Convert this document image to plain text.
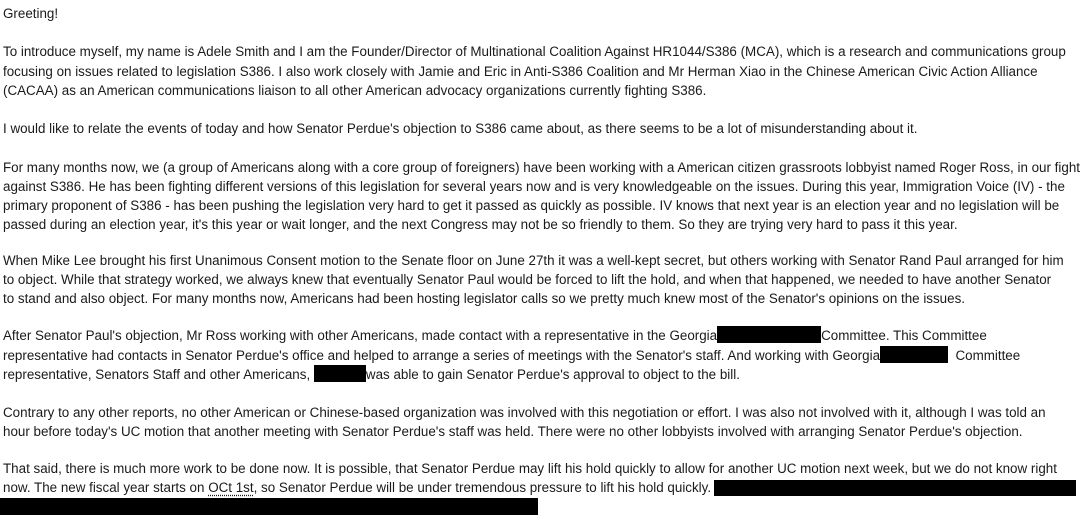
Greeting!

To introduce myself, my name is Adele Smith and I am the Founder/Director of Multinational Coalition Against HR1044/S386 (MCA), which is a research and communications group

focusing on issues related to legislation S386. I also work closely with Jamie and Eric in Anti-S386 Coalition and Mr Herman Xiao in the Chinese American Civic Action Alliance

(CACAA) as an American communications liaison to all other American advocacy organizations currently fighting S386.

I would like to relate the events of today and how Senator Perdue's objection to S386 came about, as there seems to be a lot of misunderstanding about it.

For many months now, we (a group of Americans along with a core group of foreigners) have been working with a American citizen grassroots lobbyist named Roger Ross, in our fight

against S386. He has been fighting different versions of this legislation for several years now and is very knowledgeable on the issues. During this year, Immigration Voice (IV) - the

primary proponent of S386 - has been pushing the legislation very hard to get it passed as quickly as possible. IV knows that next year is an election year and no legislation will be

passed during an election year, it's this year or wait longer, and the next Congress may not be so friendly to them. So they are trying very hard to pass it this year.

When Mike Lee brought his first Unanimous Consent motion to the Senate floor on June 27th it was a well-kept secret, but others working with Senator Rand Paul arranged for him

to object. While that strategy worked, we always knew that eventually Senator Paul would be forced to lift the hold, and when that happened, we needed to have another Senator

to stand and also object. For many months now, Americans had been hosting legislator calls so we pretty much knew most of the Senator's opinions on the issues.

After Senator Paul's objection, Mr Ross working with other Americans, made contact with a representative in the Georgia	Committee. This Committee

representative had contacts in Senator Perdue's office and helped to arrange a series of meetings with the Senator's staff. And working with Georgia	Committee

representative, Senators Staff and other Americans,	was able to gain Senator Perdue's approval to object to the bill.

Contrary to any other reports, no other American or Chinese-based organization was involved with this negotiation or effort. I was also not involved with it, although I was told an

hour before today's UC motion that another meeting with Senator Perdue's staff was held. There were no other lobbyists involved with arranging Senator Perdue's objection.

That said, there is much more work to be done now. It is possible, that Senator Perdue may lift his hold quickly to allow for another UC motion next week, but we do not know right

now. The new fiscal year starts on OCt 1st, so Senator Perdue will be under tremendous pressure to lift his hold quickly.
